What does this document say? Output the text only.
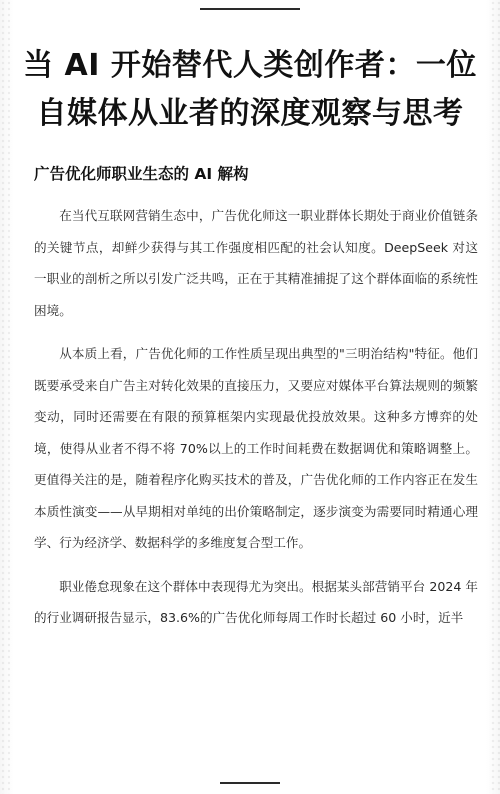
当 AI 开始替代人类创作者：一位自媒体从业者的深度观察与思考
广告优化师职业生态的 AI 解构

在当代互联网营销生态中，广告优化师这一职业群体长期处于商业价值链条的关键节点，却鲜少获得与其工作强度相匹配的社会认知度。DeepSeek 对这一职业的剖析之所以引发广泛共鸣，正在于其精准捕捉了这个群体面临的系统性困境。

从本质上看，广告优化师的工作性质呈现出典型的"三明治结构"特征。他们既要承受来自广告主对转化效果的直接压力，又要应对媒体平台算法规则的频繁变动，同时还需要在有限的预算框架内实现最优投放效果。这种多方博弈的处境，使得从业者不得不将 70%以上的工作时间耗费在数据调优和策略调整上。更值得关注的是，随着程序化购买技术的普及，广告优化师的工作内容正在发生本质性演变——从早期相对单纯的出价策略制定，逐步演变为需要同时精通心理学、行为经济学、数据科学的多维度复合型工作。

职业倦怠现象在这个群体中表现得尤为突出。根据某头部营销平台 2024 年的行业调研报告显示，83.6%的广告优化师每周工作时长超过 60 小时，近半
